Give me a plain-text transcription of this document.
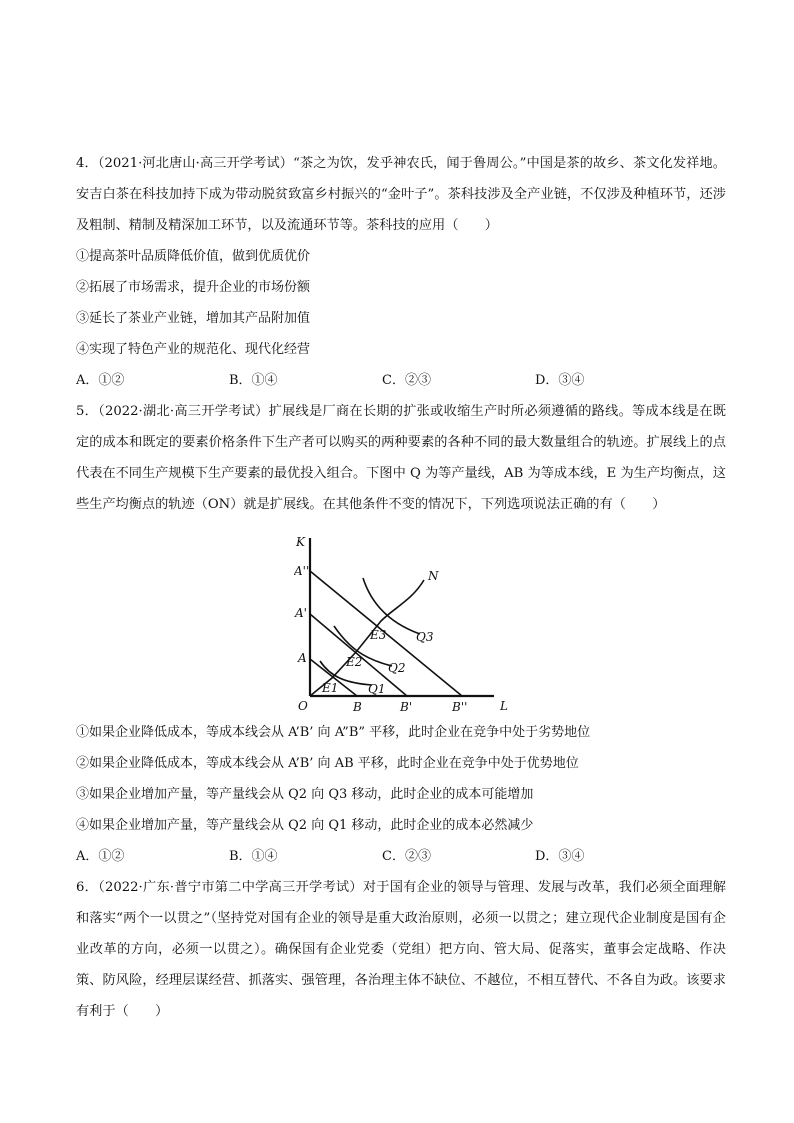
4．（2021·河北唐山·高三开学考试）“茶之为饮，发乎神农氏，闻于鲁周公。”中国是茶的故乡、茶文化发祥地。安吉白茶在科技加持下成为带动脱贫致富乡村振兴的“金叶子”。茶科技涉及全产业链，不仅涉及种植环节，还涉及粗制、精制及精深加工环节，以及流通环节等。茶科技的应用（　　）

①提高茶叶品质降低价值，做到优质优价

②拓展了市场需求，提升企业的市场份额

③延长了茶业产业链，增加其产品附加值

④实现了特色产业的规范化、现代化经营

A．①②	B．①④	C．②③	D．③④

5．（2022·湖北·高三开学考试）扩展线是厂商在长期的扩张或收缩生产时所必须遵循的路线。等成本线是在既定的成本和既定的要素价格条件下生产者可以购买的两种要素的各种不同的最大数量组合的轨迹。扩展线上的点代表在不同生产规模下生产要素的最优投入组合。下图中 Q 为等产量线，AB 为等成本线，E 为生产均衡点，这些生产均衡点的轨迹（ON）就是扩展线。在其他条件不变的情况下，下列选项说法正确的有（　　）

K
L
O
A''
A'
A
B	B'	B''
Q1
Q2
Q3
E1
E2
E3
N

①如果企业降低成本，等成本线会从 A’B’ 向 A”B” 平移，此时企业在竞争中处于劣势地位

②如果企业降低成本，等成本线会从 A’B’ 向 AB 平移，此时企业在竞争中处于优势地位

③如果企业增加产量，等产量线会从 Q2 向 Q3 移动，此时企业的成本可能增加

④如果企业增加产量，等产量线会从 Q2 向 Q1 移动，此时企业的成本必然减少

A．①②	B．①④	C．②③	D．③④

6．（2022·广东·普宁市第二中学高三开学考试）对于国有企业的领导与管理、发展与改革，我们必须全面理解和落实“两个一以贯之”（坚持党对国有企业的领导是重大政治原则，必须一以贯之；建立现代企业制度是国有企业改革的方向，必须一以贯之）。确保国有企业党委（党组）把方向、管大局、促落实，董事会定战略、作决策、防风险，经理层谋经营、抓落实、强管理，各治理主体不缺位、不越位，不相互替代、不各自为政。该要求有利于（　　）
